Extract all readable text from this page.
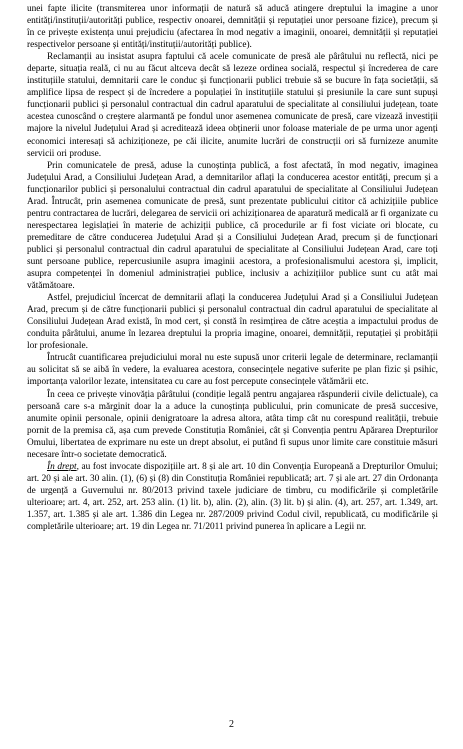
unei fapte ilicite (transmiterea unor informații de natură să aducă atingere dreptului la imagine a unor entități/instituții/autorități publice, respectiv onoarei, demnității și reputației unor persoane fizice), precum și în ce privește existența unui prejudiciu (afectarea în mod negativ a imaginii, onoarei, demnității și reputației respectivelor persoane și entități/instituții/autorități publice).

Reclamanții au insistat asupra faptului că acele comunicate de presă ale pârâtului nu reflectă, nici pe departe, situația reală, ci nu au făcut altceva decât să lezeze ordinea socială, respectul și încrederea de care instituțiile statului, demnitarii care le conduc și funcționarii publici trebuie să se bucure în fața societății, să amplifice lipsa de respect și de încredere a populației în instituțiile statului și presiunile la care sunt supuși funcționarii publici și personalul contractual din cadrul aparatului de specialitate al consiliului județean, toate acestea cunoscând o creștere alarmantă pe fondul unor asemenea comunicate de presă, care vizează investiții majore la nivelul Județului Arad și acreditează ideea obținerii unor foloase materiale de pe urma unor agenți economici interesați să achiziționeze, pe căi ilicite, anumite lucrări de construcții ori să furnizeze anumite servicii ori produse.

Prin comunicatele de presă, aduse la cunoștința publică, a fost afectată, în mod negativ, imaginea Județului Arad, a Consiliului Județean Arad, a demnitarilor aflați la conducerea acestor entități, precum și a funcționarilor publici și personalului contractual din cadrul aparatului de specialitate al Consiliului Județean Arad. Întrucât, prin asemenea comunicate de presă, sunt prezentate publicului cititor că achizițiile publice pentru contractarea de lucrări, delegarea de servicii ori achiziționarea de aparatură medicală ar fi organizate cu nerespectarea legislației în materie de achiziții publice, că procedurile ar fi fost viciate ori blocate, cu premeditare de către conducerea Județului Arad și a Consiliului Județean Arad, precum și de funcționari publici și personalul contractual din cadrul aparatului de specialitate al Consiliului Județean Arad, care toți sunt persoane publice, repercusiunile asupra imaginii acestora, a profesionalismului acestora și, implicit, asupra competenței în domeniul administrației publice, inclusiv a achizițiilor publice sunt cu atât mai vătămătoare.

Astfel, prejudiciul încercat de demnitarii aflați la conducerea Județului Arad și a Consiliului Județean Arad, precum și de către funcționarii publici și personalul contractual din cadrul aparatului de specialitate al Consiliului Județean Arad există, în mod cert, și constă în resimțirea de către aceștia a impactului produs de conduita pârâtului, anume în lezarea dreptului la propria imagine, onoarei, demnității, reputației și probității lor profesionale.

Întrucât cuantificarea prejudiciului moral nu este supusă unor criterii legale de determinare, reclamanții au solicitat să se aibă în vedere, la evaluarea acestora, consecințele negative suferite pe plan fizic și psihic, importanța valorilor lezate, intensitatea cu care au fost percepute consecințele vătămării etc.

În ceea ce privește vinovăția pârâtului (condiție legală pentru angajarea răspunderii civile delictuale), ca persoană care s-a mărginit doar la a aduce la cunoștința publicului, prin comunicate de presă succesive, anumite opinii personale, opinii denigratoare la adresa altora, atâta timp cât nu corespund realității, trebuie pornit de la premisa că, așa cum prevede Constituția României, cât și Convenția pentru Apărarea Drepturilor Omului, libertatea de exprimare nu este un drept absolut, ei putând fi supus unor limite care constituie măsuri necesare într-o societate democratică.

În drept, au fost invocate dispozițiile art. 8 și ale art. 10 din Convenția Europeană a Drepturilor Omului; art. 20 și ale art. 30 alin. (1), (6) și (8) din Constituția României republicată; art. 7 și ale art. 27 din Ordonanța de urgență a Guvernului nr. 80/2013 privind taxele judiciare de timbru, cu modificările și completările ulterioare; art. 4, art. 252, art. 253 alin. (1) lit. b), alin. (2), alin. (3) lit. b) și alin. (4), art. 257, art. 1.349, art. 1.357, art. 1.385 și ale art. 1.386 din Legea nr. 287/2009 privind Codul civil, republicată, cu modificările și completările ulterioare; art. 19 din Legea nr. 71/2011 privind punerea în aplicare a Legii nr.

2
